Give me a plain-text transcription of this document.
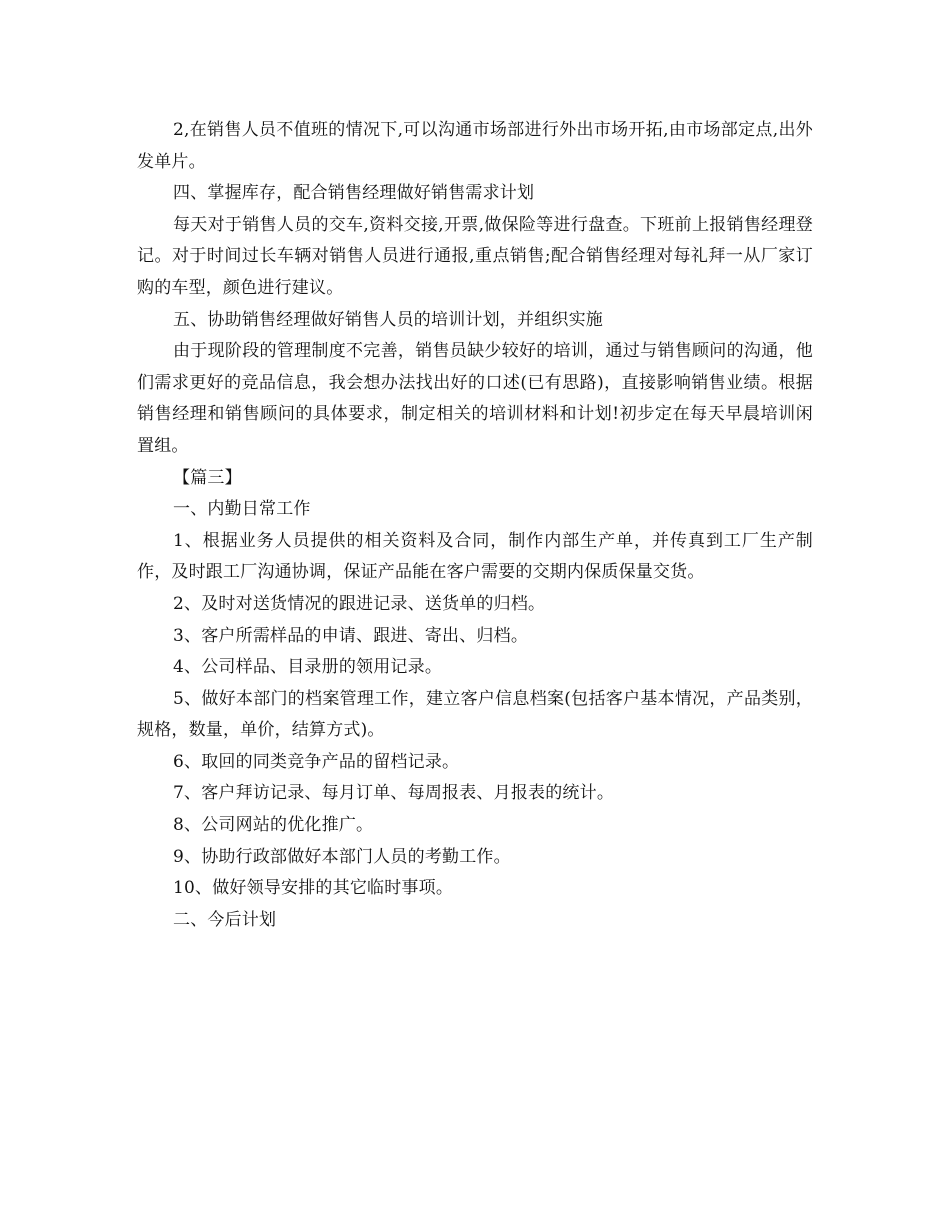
2,在销售人员不值班的情况下,可以沟通市场部进行外出市场开拓,由市场部定点,出外发单片。

四、掌握库存，配合销售经理做好销售需求计划

每天对于销售人员的交车,资料交接,开票,做保险等进行盘查。下班前上报销售经理登记。对于时间过长车辆对销售人员进行通报,重点销售;配合销售经理对每礼拜一从厂家订购的车型，颜色进行建议。

五、协助销售经理做好销售人员的培训计划，并组织实施

由于现阶段的管理制度不完善，销售员缺少较好的培训，通过与销售顾问的沟通，他们需求更好的竞品信息，我会想办法找出好的口述(已有思路)，直接影响销售业绩。根据销售经理和销售顾问的具体要求，制定相关的培训材料和计划!初步定在每天早晨培训闲置组。

【篇三】

一、内勤日常工作

1、根据业务人员提供的相关资料及合同，制作内部生产单，并传真到工厂生产制作，及时跟工厂沟通协调，保证产品能在客户需要的交期内保质保量交货。

2、及时对送货情况的跟进记录、送货单的归档。

3、客户所需样品的申请、跟进、寄出、归档。

4、公司样品、目录册的领用记录。

5、做好本部门的档案管理工作，建立客户信息档案(包括客户基本情况，产品类别，规格，数量，单价，结算方式)。

6、取回的同类竞争产品的留档记录。

7、客户拜访记录、每月订单、每周报表、月报表的统计。

8、公司网站的优化推广。

9、协助行政部做好本部门人员的考勤工作。

10、做好领导安排的其它临时事项。

二、今后计划
